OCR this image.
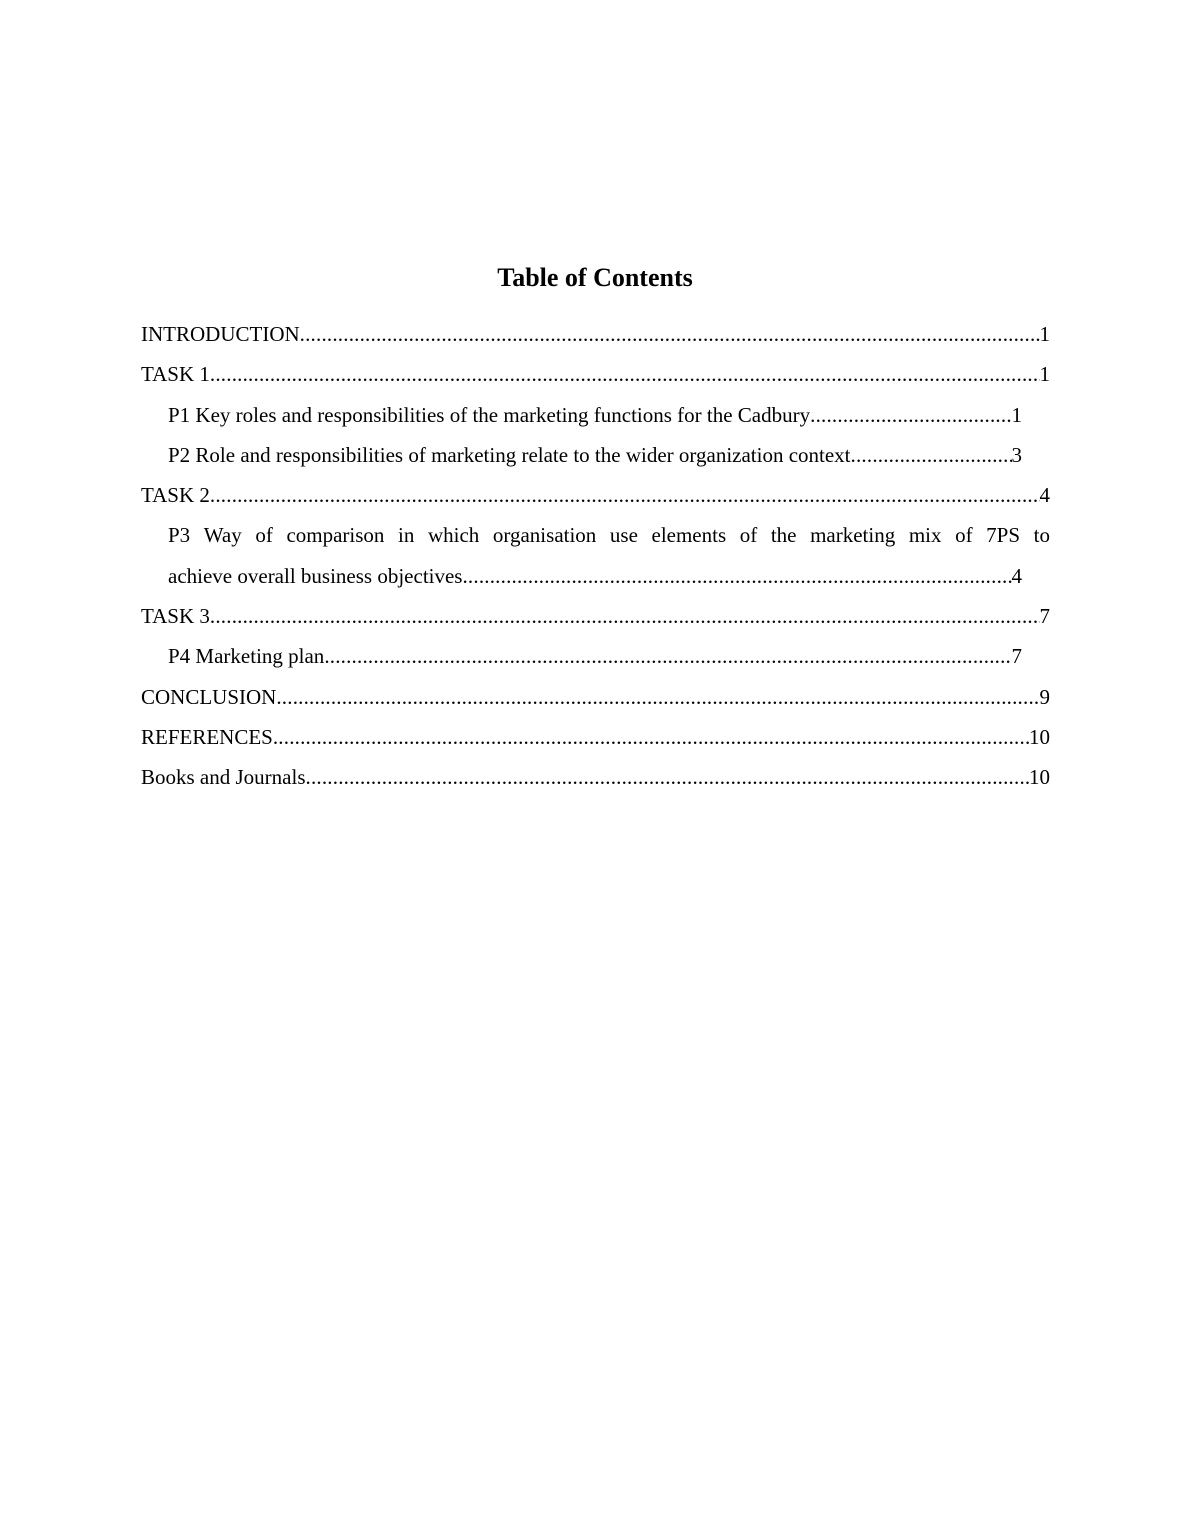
Table of Contents
INTRODUCTION .....	1
TASK 1 .....	1
P1 Key roles and responsibilities of the marketing functions for the Cadbury .....	1
P2 Role and responsibilities of marketing relate to the wider organization context .....	3
TASK 2 .....	4
P3 Way of comparison in which organisation use elements of the marketing mix of 7PS to
achieve overall business objectives .....	4
TASK 3 .....	7
P4 Marketing plan .....	7
CONCLUSION .....	9
REFERENCES .....	10
Books and Journals .....	10
